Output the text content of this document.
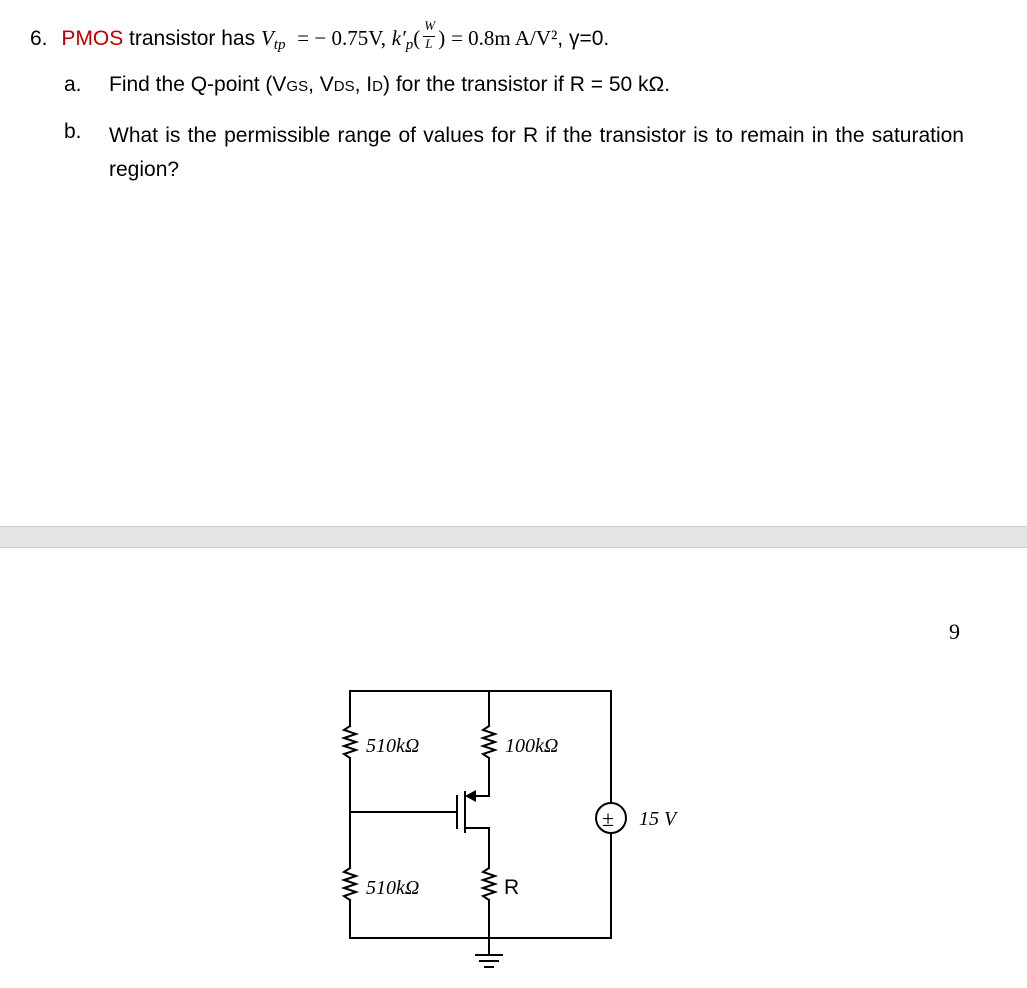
6. PMOS transistor has $V_{tp}$ = − 0.75V, $k'_p( \frac{W}{L}$ ) = 0.8m A/V², γ=0.
a. Find the Q-point (VGS, VDS, ID) for the transistor if R = 50 kΩ.
b. What is the permissible range of values for R if the transistor is to remain in the saturation region?
9
510kΩ
510kΩ
100kΩ
R
± 15 V
